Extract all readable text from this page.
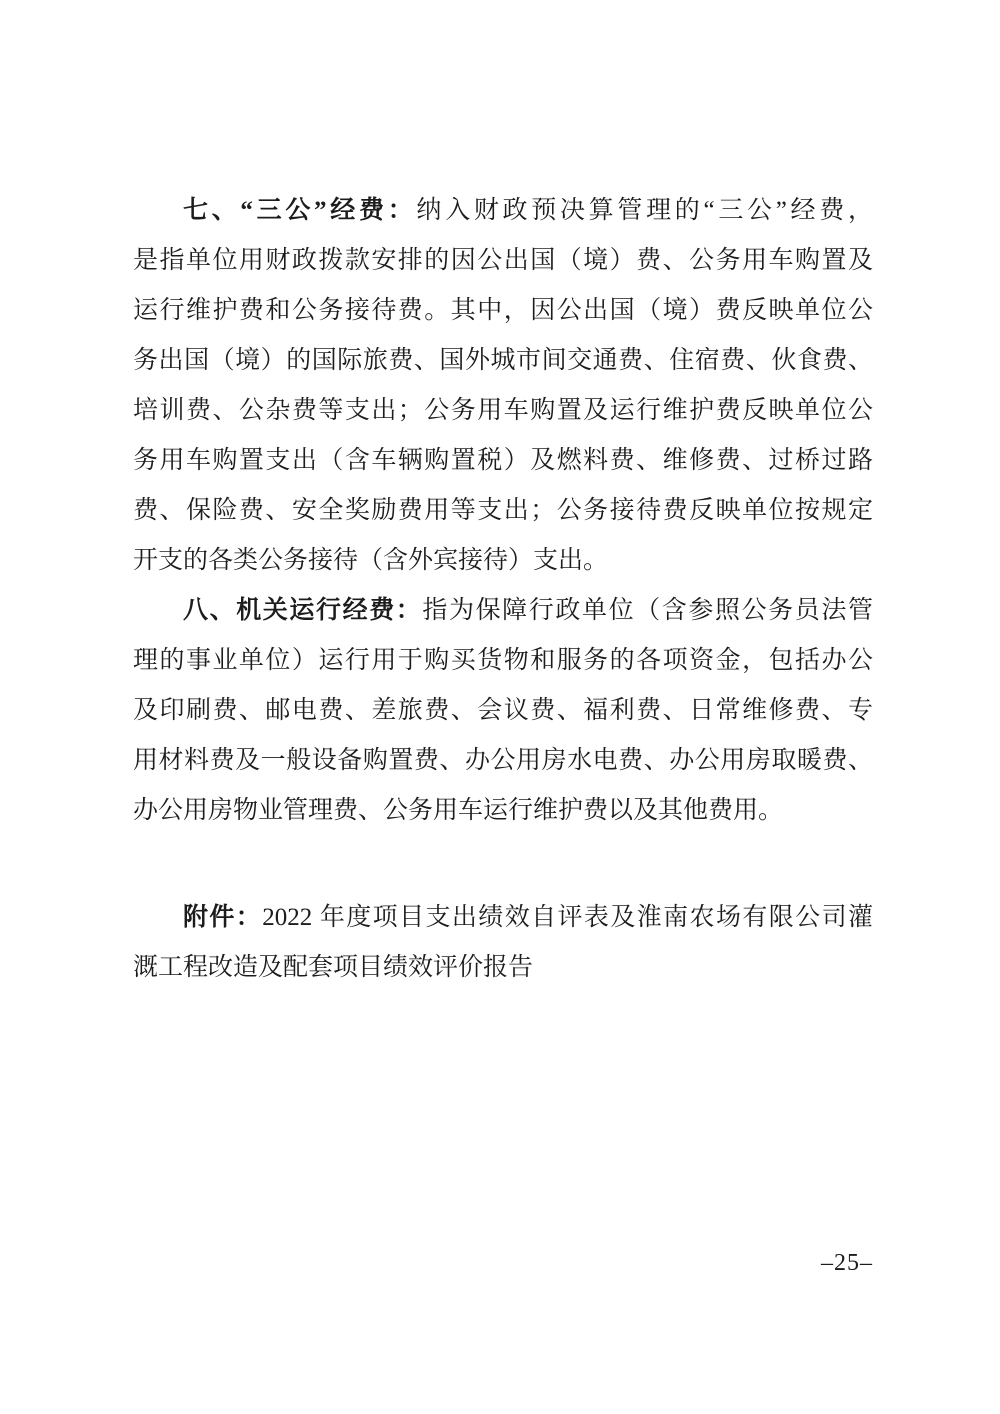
七、“三公”经费：纳入财政预决算管理的“三公”经费，
是指单位用财政拨款安排的因公出国（境）费、公务用车购置及
运行维护费和公务接待费。其中，因公出国（境）费反映单位公
务出国（境）的国际旅费、国外城市间交通费、住宿费、伙食费、
培训费、公杂费等支出；公务用车购置及运行维护费反映单位公
务用车购置支出（含车辆购置税）及燃料费、维修费、过桥过路
费、保险费、安全奖励费用等支出；公务接待费反映单位按规定
开支的各类公务接待（含外宾接待）支出。
八、机关运行经费：指为保障行政单位（含参照公务员法管
理的事业单位）运行用于购买货物和服务的各项资金，包括办公
及印刷费、邮电费、差旅费、会议费、福利费、日常维修费、专
用材料费及一般设备购置费、办公用房水电费、办公用房取暖费、
办公用房物业管理费、公务用车运行维护费以及其他费用。
附件：2022 年度项目支出绩效自评表及淮南农场有限公司灌
溉工程改造及配套项目绩效评价报告
–25–
